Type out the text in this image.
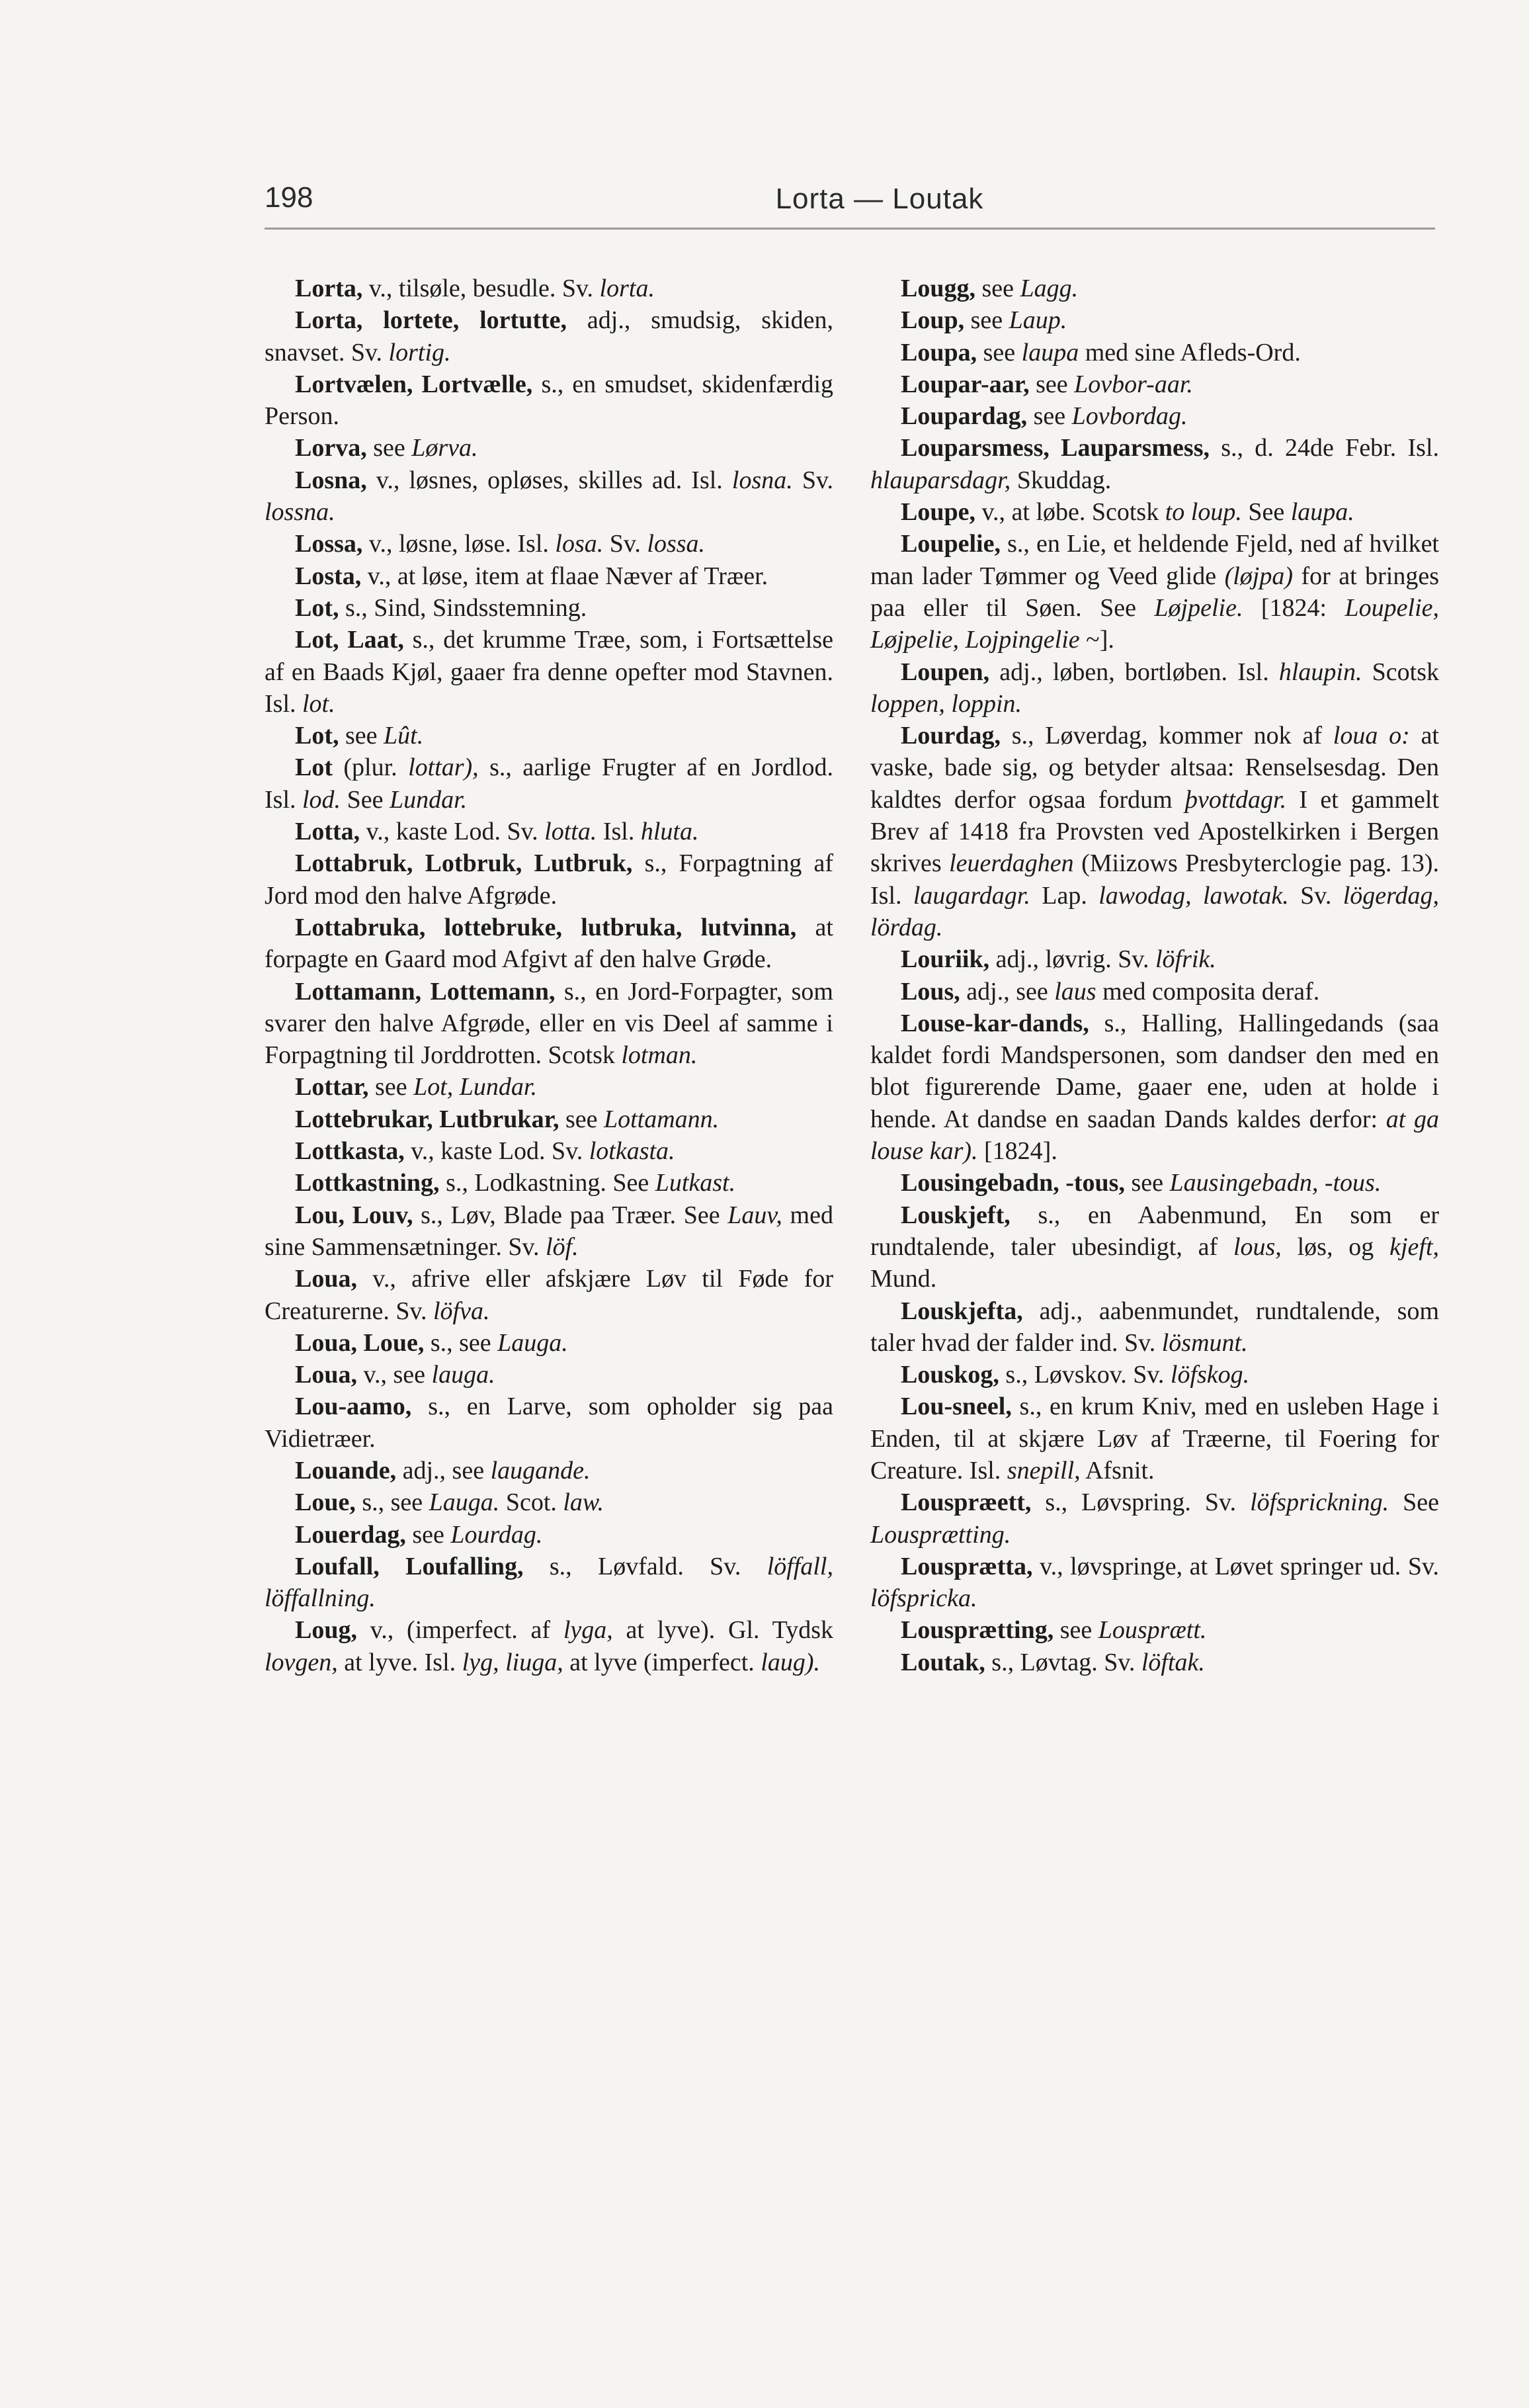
198	Lorta — Loutak

Lorta, v., tilsøle, besudle. Sv. lorta.

Lorta, lortete, lortutte, adj., smudsig, skiden, snavset. Sv. lortig.

Lortvælen, Lortvælle, s., en smudset, skidenfærdig Person.

Lorva, see Lørva.

Losna, v., løsnes, opløses, skilles ad. Isl. losna. Sv. lossna.

Lossa, v., løsne, løse. Isl. losa. Sv. lossa.

Losta, v., at løse, item at flaae Næver af Træer.

Lot, s., Sind, Sindsstemning.

Lot, Laat, s., det krumme Træe, som, i Fortsættelse af en Baads Kjøl, gaaer fra denne opefter mod Stavnen. Isl. lot.

Lot, see Lût.

Lot (plur. lottar), s., aarlige Frugter af en Jordlod. Isl. lod. See Lundar.

Lotta, v., kaste Lod. Sv. lotta. Isl. hluta.

Lottabruk, Lotbruk, Lutbruk, s., Forpagtning af Jord mod den halve Afgrøde.

Lottabruka, lottebruke, lutbruka, lutvinna, at forpagte en Gaard mod Afgivt af den halve Grøde.

Lottamann, Lottemann, s., en Jord-Forpagter, som svarer den halve Afgrøde, eller en vis Deel af samme i Forpagtning til Jorddrotten. Scotsk lotman.

Lottar, see Lot, Lundar.

Lottebrukar, Lutbrukar, see Lottamann.

Lottkasta, v., kaste Lod. Sv. lotkasta.

Lottkastning, s., Lodkastning. See Lutkast.

Lou, Louv, s., Løv, Blade paa Træer. See Lauv, med sine Sammensætninger. Sv. löf.

Loua, v., afrive eller afskjære Løv til Føde for Creaturerne. Sv. löfva.

Loua, Loue, s., see Lauga.

Loua, v., see lauga.

Lou-aamo, s., en Larve, som opholder sig paa Vidietræer.

Louande, adj., see laugande.

Loue, s., see Lauga. Scot. law.

Louerdag, see Lourdag.

Loufall, Loufalling, s., Løvfald. Sv. löffall, löffallning.

Loug, v., (imperfect. af lyga, at lyve). Gl. Tydsk lovgen, at lyve. Isl. lyg, liuga, at lyve (imperfect. laug).

Lougg, see Lagg.

Loup, see Laup.

Loupa, see laupa med sine Afleds-Ord.

Loupar-aar, see Lovbor-aar.

Loupardag, see Lovbordag.

Louparsmess, Lauparsmess, s., d. 24de Febr. Isl. hlauparsdagr, Skuddag.

Loupe, v., at løbe. Scotsk to loup. See laupa.

Loupelie, s., en Lie, et heldende Fjeld, ned af hvilket man lader Tømmer og Veed glide (løjpa) for at bringes paa eller til Søen. See Løjpelie. [1824: Loupelie, Løjpelie, Lojpingelie ~].

Loupen, adj., løben, bortløben. Isl. hlaupin. Scotsk loppen, loppin.

Lourdag, s., Løverdag, kommer nok af loua o: at vaske, bade sig, og betyder altsaa: Renselsesdag. Den kaldtes derfor ogsaa fordum þvottdagr. I et gammelt Brev af 1418 fra Provsten ved Apostelkirken i Bergen skrives leuerdaghen (Miizows Presbyterclogie pag. 13). Isl. laugardagr. Lap. lawodag, lawotak. Sv. lögerdag, lördag.

Louriik, adj., løvrig. Sv. löfrik.

Lous, adj., see laus med composita deraf.

Louse-kar-dands, s., Halling, Hallingedands (saa kaldet fordi Mandspersonen, som dandser den med en blot figurerende Dame, gaaer ene, uden at holde i hende. At dandse en saadan Dands kaldes derfor: at ga louse kar). [1824].

Lousingebadn, -tous, see Lausingebadn, -tous.

Louskjeft, s., en Aabenmund, En som er rundtalende, taler ubesindigt, af lous, løs, og kjeft, Mund.

Louskjefta, adj., aabenmundet, rundtalende, som taler hvad der falder ind. Sv. lösmunt.

Louskog, s., Løvskov. Sv. löfskog.

Lou-sneel, s., en krum Kniv, med en usleben Hage i Enden, til at skjære Løv af Træerne, til Foering for Creature. Isl. snepill, Afsnit.

Louspræett, s., Løvspring. Sv. löfsprickning. See Lousprætting.

Lousprætta, v., løvspringe, at Løvet springer ud. Sv. löfspricka.

Lousprætting, see Lousprætt.

Loutak, s., Løvtag. Sv. löftak.
